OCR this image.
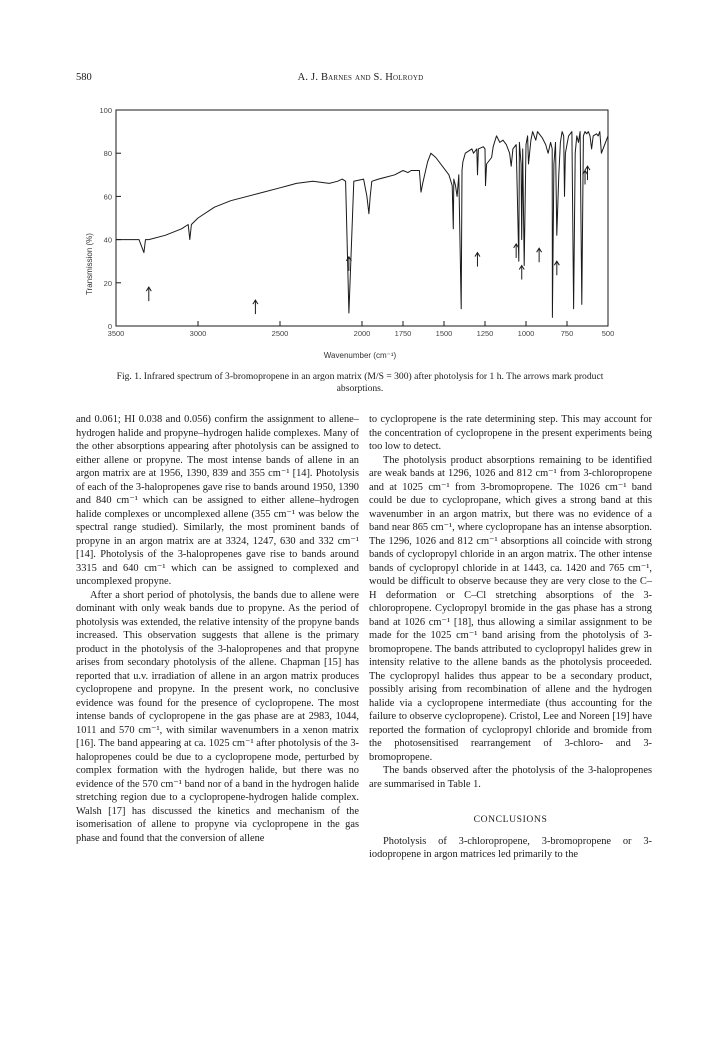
580	A. J. Barnes and S. Holroyd
0
20
40
60
80
100
3500	3000	2500	2000	1750	1500	1250	1000	750	500
Transmission (%)
Wavenumber (cm⁻¹)
Fig. 1. Infrared spectrum of 3-bromopropene in an argon matrix (M/S = 300) after photolysis for 1 h. The arrows mark product absorptions.

and 0.061; HI 0.038 and 0.056) confirm the assignment to allene–hydrogen halide and propyne–hydrogen halide complexes. Many of the other absorptions appearing after photolysis can be assigned to either allene or propyne. The most intense bands of allene in an argon matrix are at 1956, 1390, 839 and 355 cm⁻¹ [14]. Photolysis of each of the 3-halopropenes gave rise to bands around 1950, 1390 and 840 cm⁻¹ which can be assigned to either allene–hydrogen halide complexes or uncomplexed allene (355 cm⁻¹ was below the spectral range studied). Similarly, the most prominent bands of propyne in an argon matrix are at 3324, 1247, 630 and 332 cm⁻¹ [14]. Photolysis of the 3-halopropenes gave rise to bands around 3315 and 640 cm⁻¹ which can be assigned to complexed and uncomplexed propyne.

After a short period of photolysis, the bands due to allene were dominant with only weak bands due to propyne. As the period of photolysis was extended, the relative intensity of the propyne bands increased. This observation suggests that allene is the primary product in the photolysis of the 3-halopropenes and that propyne arises from secondary photolysis of the allene. Chapman [15] has reported that u.v. irradiation of allene in an argon matrix produces cyclopropene and propyne. In the present work, no conclusive evidence was found for the presence of cyclopropene. The most intense bands of cyclopropene in the gas phase are at 2983, 1044, 1011 and 570 cm⁻¹, with similar wavenumbers in a xenon matrix [16]. The band appearing at ca. 1025 cm⁻¹ after photolysis of the 3-halopropenes could be due to a cyclopropene mode, perturbed by complex formation with the hydrogen halide, but there was no evidence of the 570 cm⁻¹ band nor of a band in the hydrogen halide stretching region due to a cyclopropene-hydrogen halide complex. Walsh [17] has discussed the kinetics and mechanism of the isomerisation of allene to propyne via cyclopropene in the gas phase and found that the conversion of allene

to cyclopropene is the rate determining step. This may account for the concentration of cyclopropene in the present experiments being too low to detect.

The photolysis product absorptions remaining to be identified are weak bands at 1296, 1026 and 812 cm⁻¹ from 3-chloropropene and at 1025 cm⁻¹ from 3-bromopropene. The 1026 cm⁻¹ band could be due to cyclopropane, which gives a strong band at this wavenumber in an argon matrix, but there was no evidence of a band near 865 cm⁻¹, where cyclopropane has an intense absorption. The 1296, 1026 and 812 cm⁻¹ absorptions all coincide with strong bands of cyclopropyl chloride in an argon matrix. The other intense bands of cyclopropyl chloride in at 1443, ca. 1420 and 765 cm⁻¹, would be difficult to observe because they are very close to the C–H deformation or C–Cl stretching absorptions of the 3-chloropropene. Cyclopropyl bromide in the gas phase has a strong band at 1026 cm⁻¹ [18], thus allowing a similar assignment to be made for the 1025 cm⁻¹ band arising from the photolysis of 3-bromopropene. The bands attributed to cyclopropyl halides grew in intensity relative to the allene bands as the photolysis proceeded. The cyclopropyl halides thus appear to be a secondary product, possibly arising from recombination of allene and the hydrogen halide via a cyclopropene intermediate (thus accounting for the failure to observe cyclopropene). Cristol, Lee and Noreen [19] have reported the formation of cyclopropyl chloride and bromide from the photosensitised rearrangement of 3-chloro- and 3-bromopropene.

The bands observed after the photolysis of the 3-halopropenes are summarised in Table 1.

CONCLUSIONS

Photolysis of 3-chloropropene, 3-bromopropene or 3-iodopropene in argon matrices led primarily to the
